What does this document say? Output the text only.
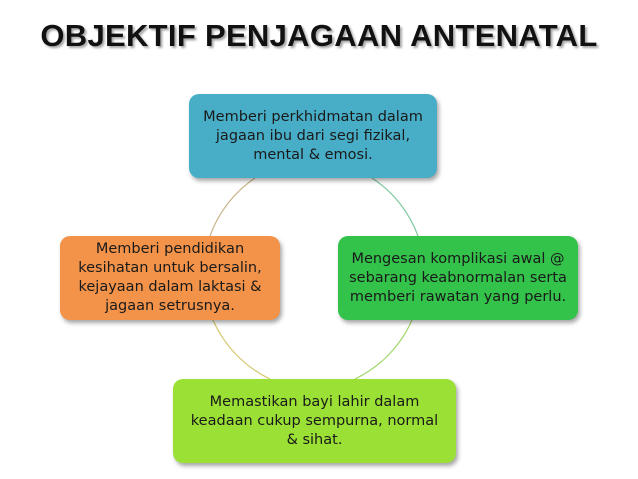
OBJEKTIF PENJAGAAN ANTENATAL
Memberi perkhidmatan dalam jagaan ibu dari segi fizikal, mental & emosi.
Mengesan komplikasi awal @ sebarang keabnormalan serta memberi rawatan yang perlu.
Memastikan bayi lahir dalam keadaan cukup sempurna, normal & sihat.
Memberi pendidikan kesihatan untuk bersalin, kejayaan dalam laktasi & jagaan setrusnya.
